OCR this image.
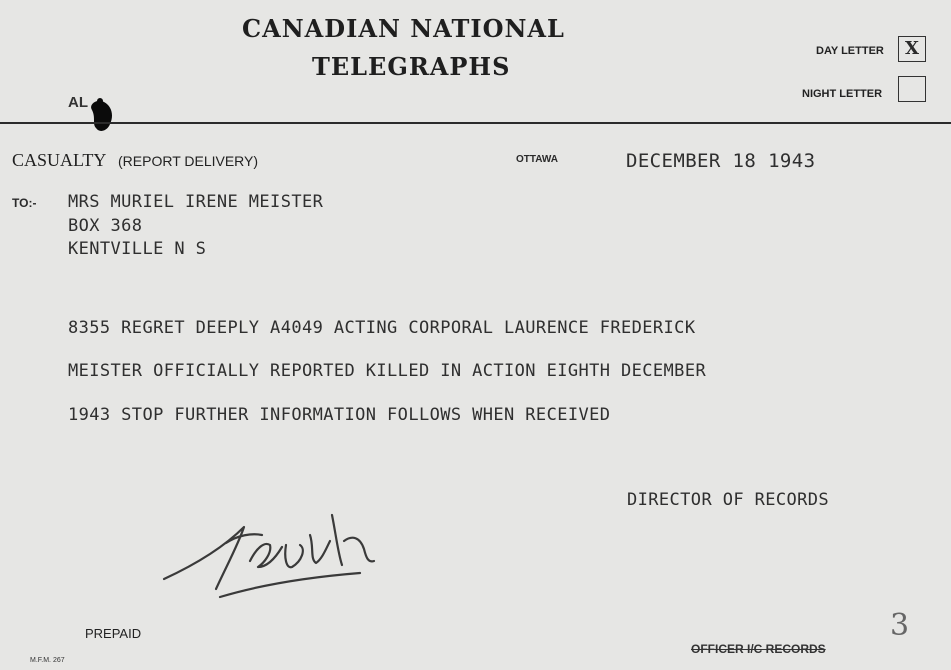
CANADIAN NATIONAL
TELEGRAPHS
DAY LETTER	X
NIGHT LETTER
AL
CASUALTY (REPORT DELIVERY)	OTTAWA	DECEMBER 18 1943
TO:- MRS MURIEL IRENE MEISTER
BOX 368
KENTVILLE N S
8355 REGRET DEEPLY A4049 ACTING CORPORAL LAURENCE FREDERICK
MEISTER OFFICIALLY REPORTED KILLED IN ACTION EIGHTH DECEMBER
1943 STOP FURTHER INFORMATION FOLLOWS WHEN RECEIVED
DIRECTOR OF RECORDS
PREPAID
M.F.M. 267
OFFICER I/C RECORDS
3
